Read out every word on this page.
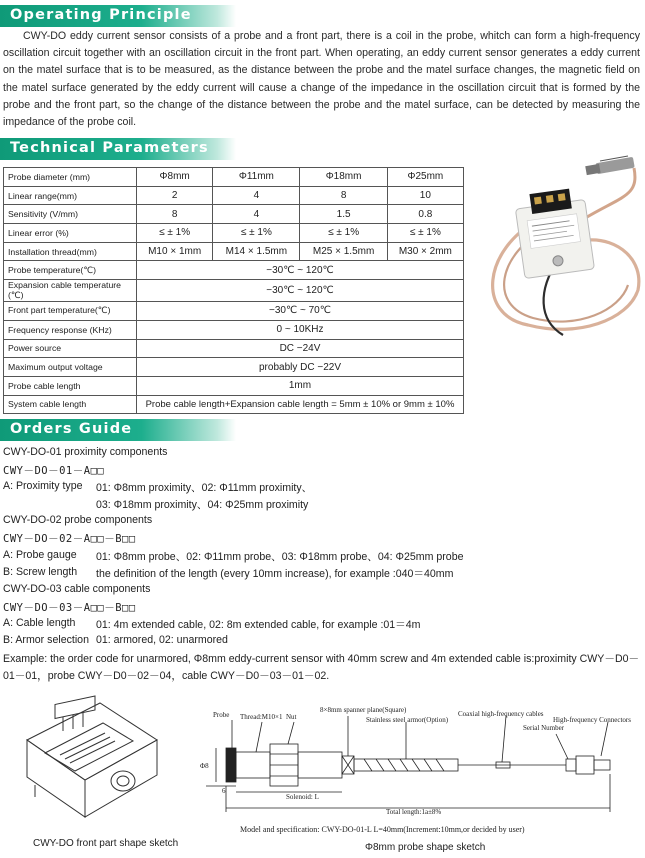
Operating Principle

CWY-DO eddy current sensor consists of a probe and a front part, there is a coil in the probe, whitch can form a high-frequency oscillation circuit together with an oscillation circuit in the front part. When operating, an eddy current sensor generates a eddy current on the matel surface that is to be measured, as the distance between the probe and the matel surface changes, the magnetic field on the matel surface generated by the eddy current will cause a change of the impedance in the oscillation circuit that is formed by the probe and the front part, so the change of the distance between the probe and the matel surface, can be detected by measuring the impedance of the probe coil.

Technical Parameters
Probe diameter (mm)	Φ8mm	Φ11mm	Φ18mm	Φ25mm
Linear range(mm)	2	4	8	10
Sensitivity (V/mm)	8	4	1.5	0.8
Linear error (%)	≤ ± 1%	≤ ± 1%	≤ ± 1%	≤ ± 1%
Installation thread(mm)	M10 × 1mm	M14 × 1.5mm	M25 × 1.5mm	M30 × 2mm
Probe temperature(℃)	−30℃ ~ 120℃			
Expansion cable temperature (℃)	−30℃ ~ 120℃			
Front part temperature(℃)	−30℃ ~ 70℃			
Frequency response (KHz)	0 ~ 10KHz			
Power source	DC −24V			
Maximum output voltage	probably DC −22V			
Probe cable length	1mm			
System cable length	Probe cable length+Expansion cable length = 5mm ± 10% or 9mm ± 10%			
Orders Guide
CWY-DO-01 proximity components
CWY－DO－01－A□□
A: Proximity type 01: Φ8mm proximity、02: Φ11mm proximity、
03: Φ18mm proximity、04: Φ25mm proximity
CWY-DO-02 probe components
CWY－DO－02－A□□－B□□
A: Probe gauge 01: Φ8mm probe、02: Φ11mm probe、03: Φ18mm probe、04: Φ25mm probe
B: Screw length the definition of the length (every 10mm increase), for example :040＝40mm
CWY-DO-03 cable components
CWY－DO－03－A□□－B□□
A: Cable length 01: 4m extended cable, 02: 8m extended cable, for example :01＝4m
B: Armor selection 01: armored, 02: unarmored
Example: the order code for unarmored, Φ8mm eddy-current sensor with 40mm screw and 4m extended cable is:proximity CWY－D0－
01－01，probe CWY－D0－02－04，cable CWY－D0－03－01－02.
CWY-DO front part shape sketch
Probe Thread:M10×1 Nut
8×8mm spanner plane(Square)
Stainless steel armor(Option)
Coaxial high-frequency cables
Serial Number
High-frequency Connectors
Φ8
6
Solenoid: L
Total length:1a±8%
Model and specification: CWY-DO-01-L L=40mm(Increment:10mm,or decided by user)
Φ8mm probe shape sketch
